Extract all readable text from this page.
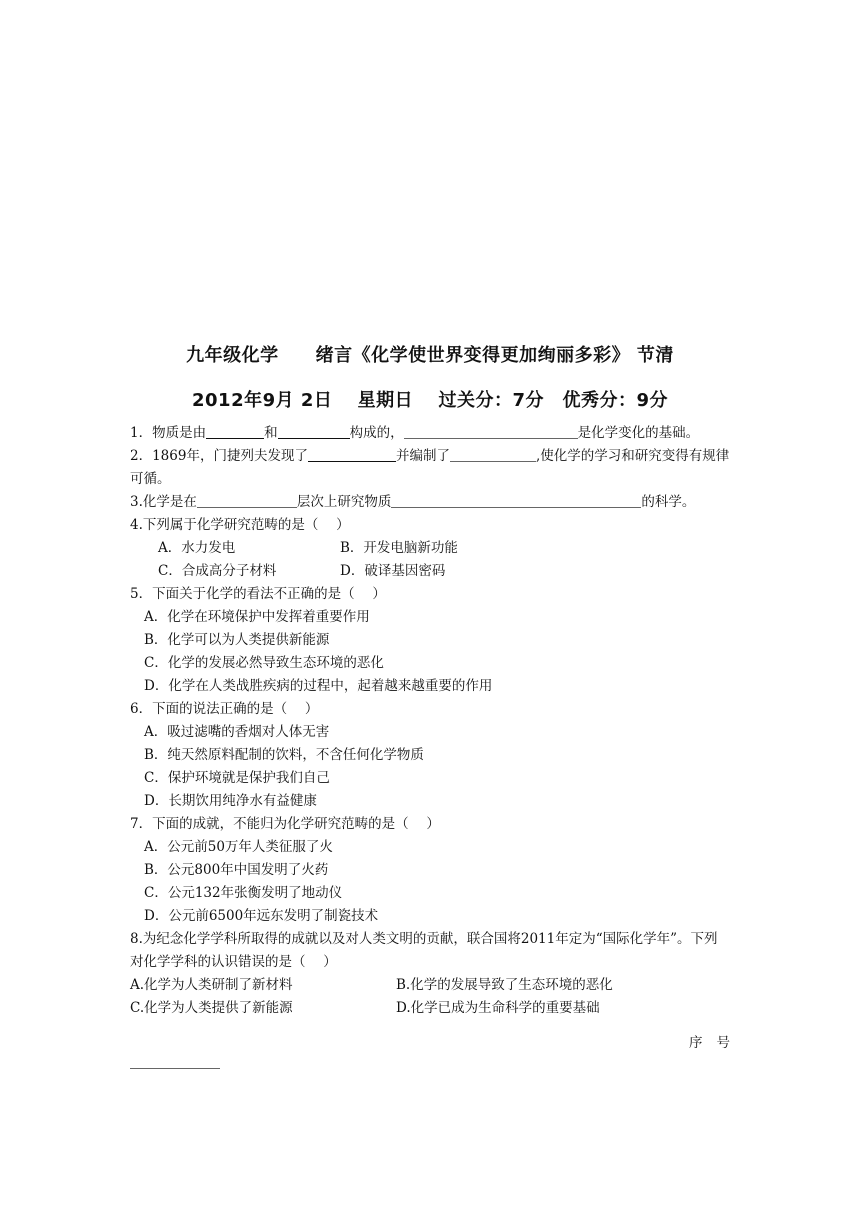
九年级化学　　绪言《化学使世界变得更加绚丽多彩》 节清
2012年9月 2日　 星期日　 过关分：7分　优秀分：9分
1．物质是由	和	构成的，	是化学变化的基础。
2．1869年，门捷列夫发现了	并编制了	,使化学的学习和研究变得有规律可循。
3.化学是在	层次上研究物质	的科学。
4.下列属于化学研究范畴的是（　 ）
A．水力发电	B．开发电脑新功能
C．合成高分子材料	D．破译基因密码
5．下面关于化学的看法不正确的是（　 ）
A．化学在环境保护中发挥着重要作用
B．化学可以为人类提供新能源
C．化学的发展必然导致生态环境的恶化
D．化学在人类战胜疾病的过程中，起着越来越重要的作用
6．下面的说法正确的是（　 ）
A．吸过滤嘴的香烟对人体无害
B．纯天然原料配制的饮料，不含任何化学物质
C．保护环境就是保护我们自己
D．长期饮用纯净水有益健康
7．下面的成就，不能归为化学研究范畴的是（　 ）
A．公元前50万年人类征服了火
B．公元800年中国发明了火药
C．公元132年张衡发明了地动仪
D．公元前6500年远东发明了制瓷技术
8.为纪念化学学科所取得的成就以及对人类文明的贡献，联合国将2011年定为“国际化学年”。下列对化学学科的认识错误的是（　 ）
A.化学为人类研制了新材料	B.化学的发展导致了生态环境的恶化
C.化学为人类提供了新能源	D.化学已成为生命科学的重要基础
序号
